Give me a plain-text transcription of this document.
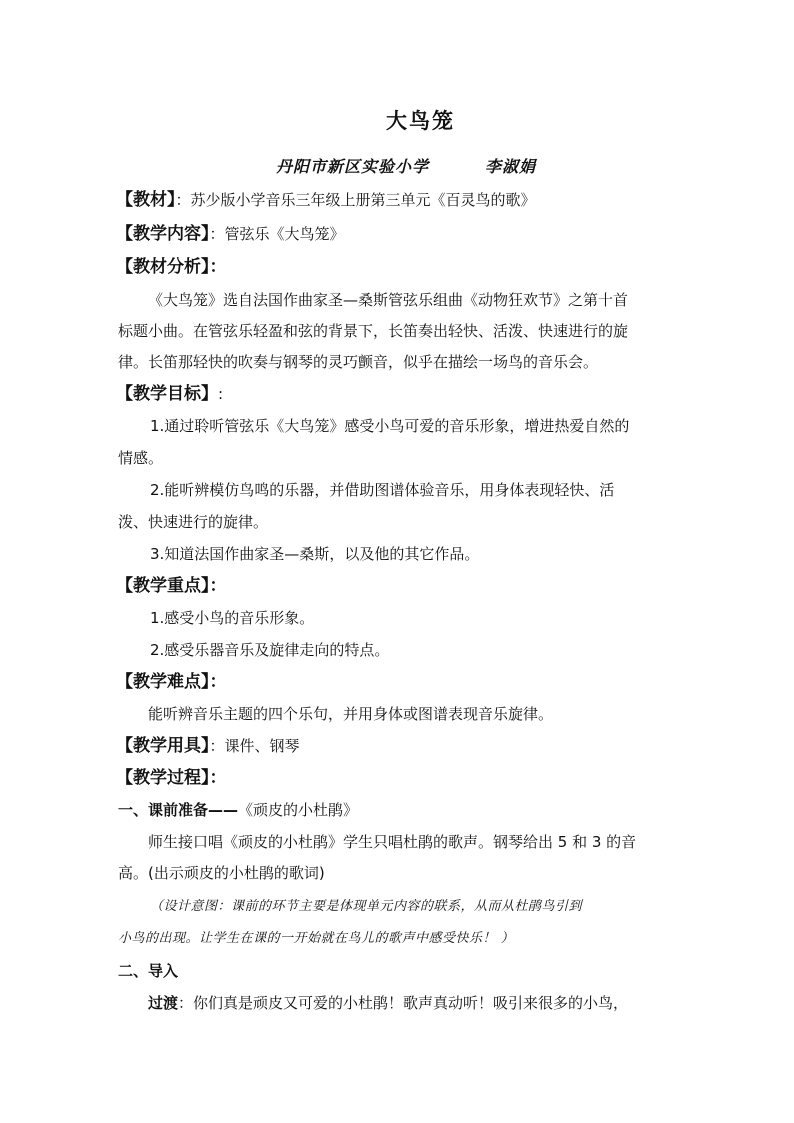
大鸟笼
丹阳市新区实验小学	李淑娟
【教材】：苏少版小学音乐三年级上册第三单元《百灵鸟的歌》
【教学内容】：管弦乐《大鸟笼》
【教材分析】：
《大鸟笼》选自法国作曲家圣—桑斯管弦乐组曲《动物狂欢节》之第十首
标题小曲。在管弦乐轻盈和弦的背景下，长笛奏出轻快、活泼、快速进行的旋
律。长笛那轻快的吹奏与钢琴的灵巧颤音，似乎在描绘一场鸟的音乐会。
【教学目标】:
1.通过聆听管弦乐《大鸟笼》感受小鸟可爱的音乐形象，增进热爱自然的
情感。
2.能听辨模仿鸟鸣的乐器，并借助图谱体验音乐，用身体表现轻快、活
泼、快速进行的旋律。
3.知道法国作曲家圣—桑斯，以及他的其它作品。
【教学重点】：
1.感受小鸟的音乐形象。
2.感受乐器音乐及旋律走向的特点。
【教学难点】：
能听辨音乐主题的四个乐句，并用身体或图谱表现音乐旋律。
【教学用具】：课件、钢琴
【教学过程】：
一、课前准备——《顽皮的小杜鹃》
师生接口唱《顽皮的小杜鹃》学生只唱杜鹃的歌声。钢琴给出 5 和 3 的音
高。(出示顽皮的小杜鹃的歌词)
（设计意图：课前的环节主要是体现单元内容的联系，从而从杜鹃鸟引到
小鸟的出现。让学生在课的一开始就在鸟儿的歌声中感受快乐！ ）
二、导入
过渡：你们真是顽皮又可爱的小杜鹃！歌声真动听！吸引来很多的小鸟，
